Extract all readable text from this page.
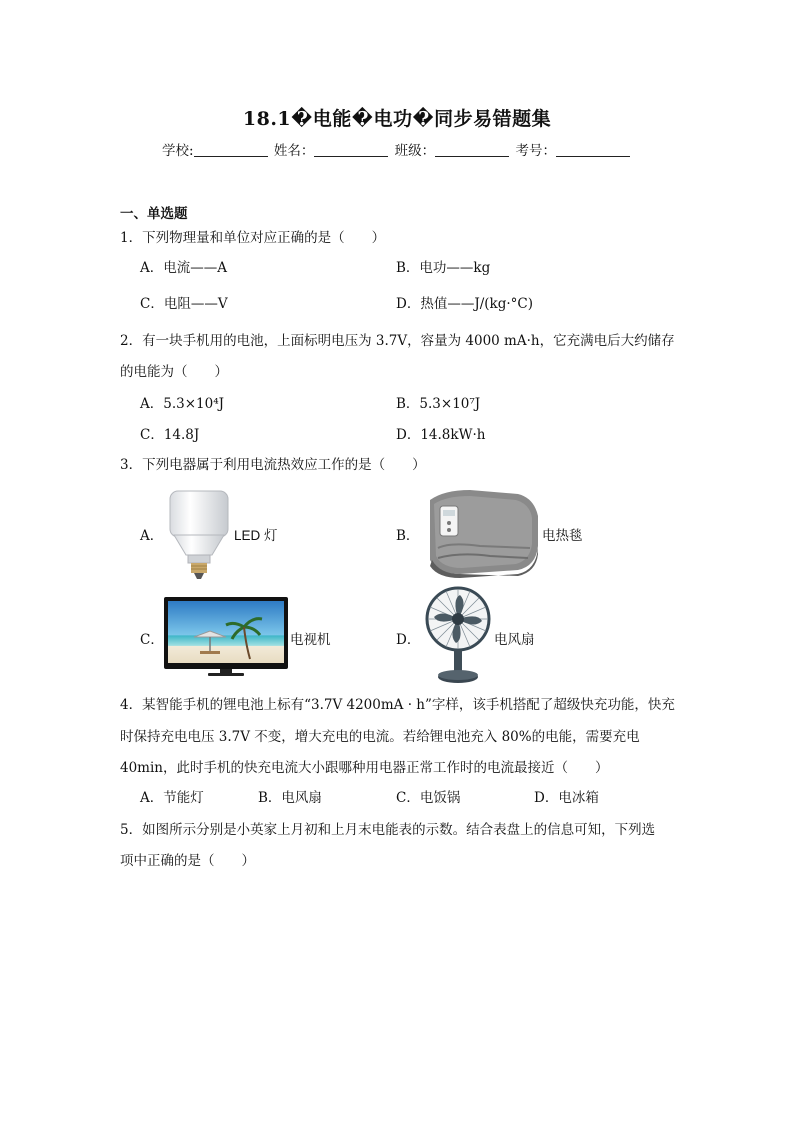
18.1�电能�电功�同步易错题集
学校:	姓名：	班级：	考号：
一、单选题
1．下列物理量和单位对应正确的是（　　）
A．电流——A	B．电功——kg
C．电阻——V	D．热值——J/(kg·°C)
2．有一块手机用的电池，上面标明电压为 3.7V，容量为 4000 mA·h，它充满电后大约储存
的电能为（　　）
A．5.3×10⁴J	B．5.3×10⁷J
C．14.8J	D．14.8kW·h
3．下列电器属于利用电流热效应工作的是（　　）
A．	LED 灯	B．	电热毯
C．	电视机	D．	电风扇
4．某智能手机的锂电池上标有“3.7V 4200mA · h”字样，该手机搭配了超级快充功能，快充
时保持充电电压 3.7V 不变，增大充电的电流。若给锂电池充入 80%的电能，需要充电
40min，此时手机的快充电流大小跟哪种用电器正常工作时的电流最接近（　　）
A．节能灯	B．电风扇	C．电饭锅	D．电冰箱
5．如图所示分别是小英家上月初和上月末电能表的示数。结合表盘上的信息可知，下列选
项中正确的是（　　）
